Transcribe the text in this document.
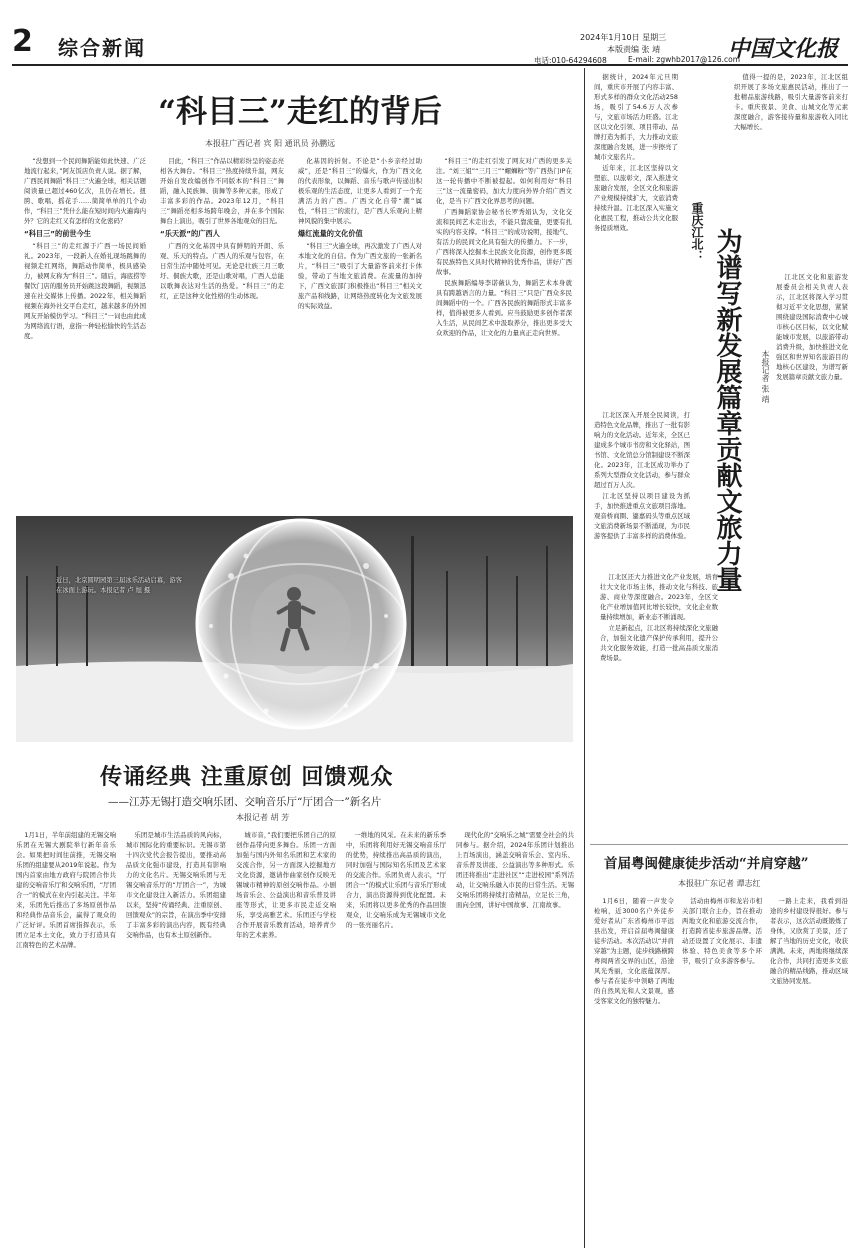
2 综合新闻	2024年1月10日 星期三
本版责编 张 靖
电话:010-64294608	E-mail: zgwhb2017@126.com
中国文化报
“科目三”走红的背后
本报驻广西记者 宾 阳 通讯员 孙鹏远

“没想到一个民间舞蹈能如此快速、广泛地流行起来，”阿友饭店负责人说。据了解，广西民间舞蹈“科目三”火遍全球，相关话题阅读量已超过460亿次，且仍在增长。扭胯、歌唱、摇花手……简简单单的几个动作，“科目三”凭什么能在短时间内火遍海内外？它的走红又有怎样的文化密码？

“科目三”的前世今生

“科目三”的走红源于广西一场民间婚礼。2023年，一段新人在婚礼现场跳舞的视频走红网络，舞蹈动作简单，极具感染力，被网友称为“科目三”。随后，海底捞等餐饮门店的服务员开始跳这段舞蹈，视频迅速在社交媒体上传播。2022年，相关舞蹈视频在海外社交平台走红，越来越多的外国网友开始模仿学习。“科目三”一词也由此成为网络流行语，意指一种轻松愉快的生活态度。

目此，“科目三”作品以精彩纷呈的姿态亮相各大舞台。“科目三”热度持续升温，网友开始自发改编创作不同版本的“科目三”舞蹈，融入民族舞、街舞等多种元素，形成了丰富多彩的作品。2023年12月，“科目三”舞蹈亮相多场跨年晚会，并在多个国际舞台上演出，吸引了世界各地观众的目光。

“乐天派”的广西人

广西的文化基因中具有鲜明的开朗、乐观、乐天的特点。广西人的乐观与包容，在日常生活中随处可见。无论是壮族三月三歌圩、侗族大歌，还是山歌对唱，广西人总能以歌舞表达对生活的热爱。“科目三”的走红，正是这种文化性格的生动体现。

化基因的折射。不论是“小乡亲经过助威”，还是“科目三”的爆火，作为广西文化的代表形象，以舞蹈、音乐与歌声传递出积极乐观的生活态度，让更多人看到了一个充满活力的广西。广西文化自带“潮”属性，“科目三”的流行，是广西人乐观向上精神风貌的集中展示。

爆红流量的文化价值

“科目三”火遍全球，再次激发了广西人对本地文化的自信。作为广西文旅的一张新名片，“科目三”吸引了大量游客前来打卡体验，带动了当地文旅消费。在流量的加持下，广西文旅部门积极推出“科目三”相关文旅产品和线路，让网络热度转化为文旅发展的实际效益。

“科目三”的走红引发了网友对广西的更多关注。“刘三姐”“三月三”“螺蛳粉”等广西热门IP在这一轮传播中不断被提起。如何利用好“科目三”这一流量密码，加大力度向外界介绍广西文化，是当下广西文化界思考的问题。

广西舞蹈家协会秘书长罗秀娟认为，文化交流和民间艺术走出去，不能只靠流量，更要有扎实的内容支撑。“科目三”的成功说明，接地气、有活力的民间文化具有强大的传播力。下一步，广西将深入挖掘本土民族文化资源，创作更多既有民族特色又具时代精神的优秀作品，讲好广西故事。

民族舞蹈编导李诺薇认为，舞蹈艺术本身就具有跨越语言的力量。“科目三”只是广西众多民间舞蹈中的一个。广西各民族的舞蹈形式丰富多样，值得被更多人看到。应当鼓励更多创作者深入生活，从民间艺术中汲取养分，推出更多受大众欢迎的作品，让文化的力量真正走向世界。

近日，北京圆明园第三届冰乐活动启幕，游客在冰面上游玩。本报记者 卢 旭 摄
传诵经典 注重原创 回馈观众
——江苏无锡打造交响乐团、交响音乐厅“厅团合一”新名片
本报记者 胡 芳

1月1日，半年前组建的无锡交响乐团在无锡大剧院举行新年音乐会。如果把时间往前推，无锡交响乐团的组建要从2019年说起。作为国内首家由地方政府与院团合作共建的交响音乐厅和交响乐团，“厅团合一”的模式在业内引起关注。半年来，乐团先后推出了多场原创作品和经典作品音乐会，赢得了观众的广泛好评。乐团首席指挥表示，乐团立足本土文化，致力于打造具有江南特色的艺术品牌。

乐团是城市生活品质的风向标，城市国际化的重要标识。无锡市第十四次党代会报告提出，要推动高品质文化强市建设，打造具有影响力的文化名片。无锡交响乐团与无锡交响音乐厅的“厅团合一”，为城市文化建设注入新活力。乐团组建以来，坚持“传诵经典、注重原创、回馈观众”的宗旨，在演出季中安排了丰富多彩的演出内容，既有经典交响作品，也有本土原创新作。

城市音，”我们要把乐团自己的原创作品带向更多舞台。乐团一方面加强与国内外知名乐团和艺术家的交流合作，另一方面深入挖掘地方文化资源，邀请作曲家创作反映无锡城市精神的原创交响作品。小剧场音乐会、公益演出和音乐普及讲座等形式，让更多市民走近交响乐，享受高雅艺术。乐团还与学校合作开展音乐教育活动，培养青少年的艺术素养。

一维地的风采。在未来的新乐季中，乐团将利用好无锡交响音乐厅的优势，持续推出高品质的演出，同时加强与国际知名乐团及艺术家的交流合作。乐团负责人表示，“厅团合一”的模式让乐团与音乐厅形成合力，演出资源得到优化配置。未来，乐团将以更多优秀的作品回馈观众，让交响乐成为无锡城市文化的一张亮丽名片。

现代化的“交响乐之城”需要全社会的共同参与。据介绍，2024年乐团计划推出上百场演出，涵盖交响音乐会、室内乐、音乐普及讲座、公益演出等多种形式。乐团还将推出“走进社区”“走进校园”系列活动，让交响乐融入市民的日常生活。无锡交响乐团将持续打造精品，立足长三角，面向全国，讲好中国故事、江南故事。

据统计，2024年元旦期间，重庆市开展了内容丰富、形式多样的群众文化活动258场，吸引了54.6万人次参与，文旅市场活力旺盛。江北区以文化引领、项目带动、品牌打造为抓手，大力推动文旅深度融合发展，进一步擦亮了城市文旅名片。

近年来，江北区坚持以文塑旅、以旅彰文，深入推进文旅融合发展，全区文化和旅游产业规模持续扩大，文旅消费持续升温。江北区深入实施文化惠民工程，推动公共文化服务提质增效。

江北区深入开展全民阅读，打造特色文化品牌，推出了一批有影响力的文化活动。近年来，全区已建成多个城市书房和文化驿站，图书馆、文化馆总分馆制建设不断深化。2023年，江北区成功举办了系列大型群众文化活动，参与群众超过百万人次。

江北区坚持以项目建设为抓手，加快推进重点文旅项目落地。观音桥商圈、鎏嘉码头等重点区域文旅消费新场景不断涌现，为市民游客提供了丰富多样的消费体验。

重庆江北： 为谱写新发展篇章贡献文旅力量 本报记者 张 靖

江北区还大力推进文化产业发展，培育壮大文化市场主体，推动文化与科技、旅游、商业等深度融合。2023年，全区文化产业增加值同比增长较快，文化企业数量持续增加，新业态不断涌现。

立足新起点，江北区将持续深化文旅融合，加强文化遗产保护传承利用，提升公共文化服务效能，打造一批高品质文旅消费场景。

值得一提的是，2023年，江北区组织开展了多场文旅惠民活动，推出了一批精品旅游线路，吸引大量游客前来打卡。重庆夜景、美食、山城文化等元素深度融合，游客接待量和旅游收入同比大幅增长。

江北区文化和旅游发展委员会相关负责人表示，江北区将深入学习贯彻习近平文化思想，紧紧围绕建设国际消费中心城市核心区目标，以文化赋能城市发展，以旅游带动消费升级，加快推进文化强区和世界知名旅游目的地核心区建设，为谱写新发展篇章贡献文旅力量。

首届粤闽健康徒步活动“并肩穿越”
本报驻广东记者 谭志红

1月6日，随着一声发令枪响，近3000名户外徒步爱好者从广东省梅州市平远县出发，开启首届粤闽健康徒步活动。本次活动以“并肩穿越”为主题，徒步线路横跨粤闽两省交界的山区，沿途风光秀丽，文化底蕴深厚。参与者在徒步中领略了两地的自然风光和人文景观，感受客家文化的独特魅力。

活动由梅州市和龙岩市相关部门联合主办，旨在推动两地文化和旅游交流合作，打造跨省徒步旅游品牌。活动还设置了文化展示、非遗体验、特色美食等多个环节，吸引了众多游客参与。

一路上走来，我看到沿途的乡村建设得很好。参与者表示，这次活动既锻炼了身体，又欣赏了美景，还了解了当地的历史文化，收获满满。未来，两地将继续深化合作，共同打造更多文旅融合的精品线路，推动区域文旅协同发展。
